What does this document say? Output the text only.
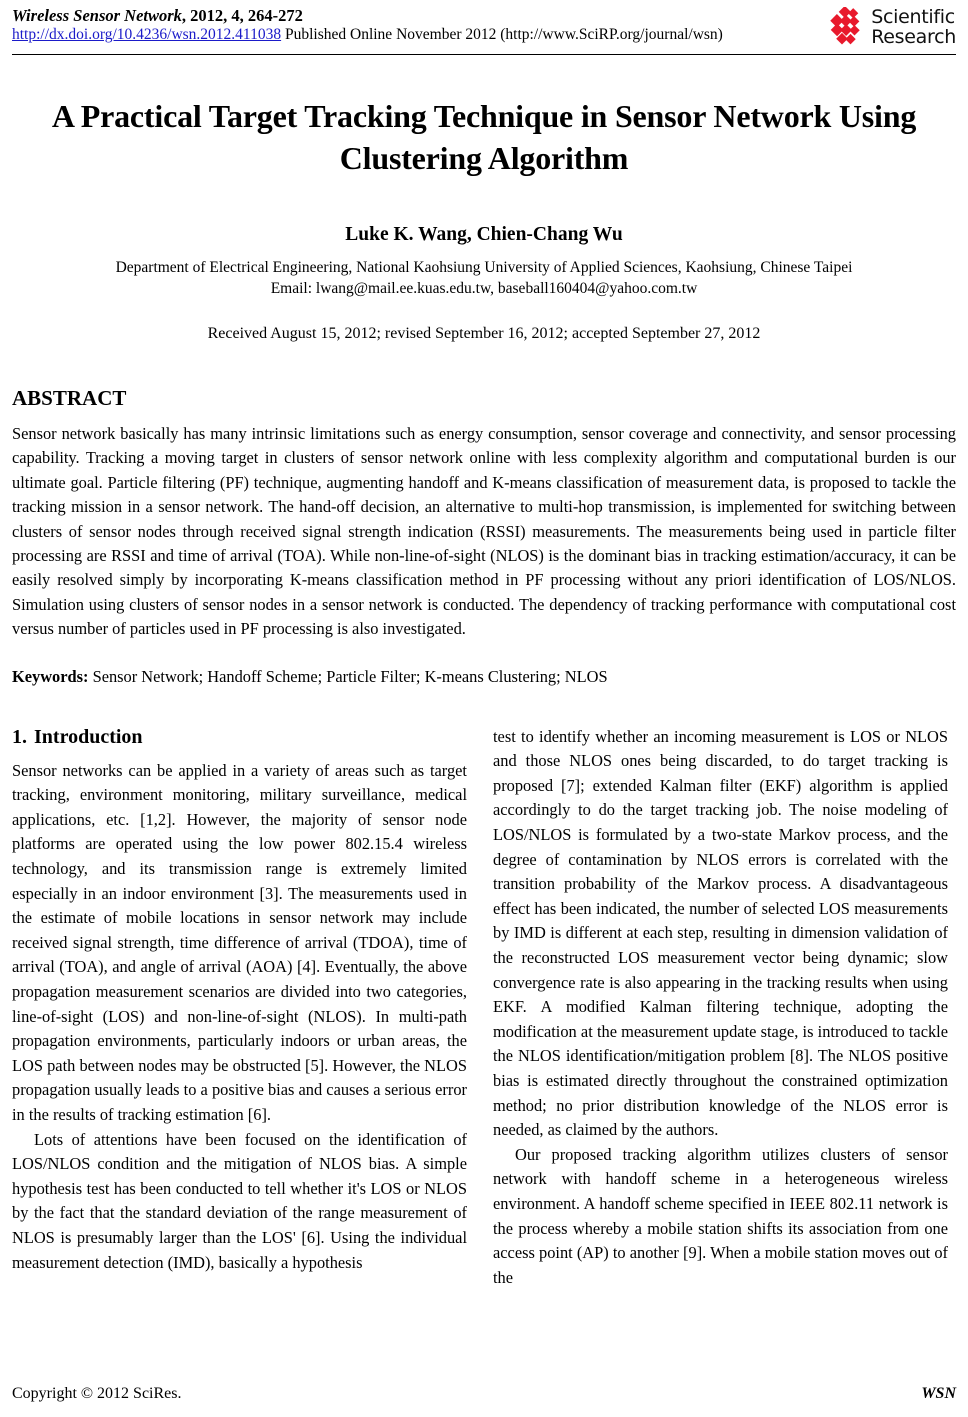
Wireless Sensor Network, 2012, 4, 264-272
http://dx.doi.org/10.4236/wsn.2012.411038 Published Online November 2012 (http://www.SciRP.org/journal/wsn)
Scientific
Research
A Practical Target Tracking Technique in Sensor Network Using Clustering Algorithm
Luke K. Wang, Chien-Chang Wu
Department of Electrical Engineering, National Kaohsiung University of Applied Sciences, Kaohsiung, Chinese Taipei
Email: lwang@mail.ee.kuas.edu.tw, baseball160404@yahoo.com.tw
Received August 15, 2012; revised September 16, 2012; accepted September 27, 2012
ABSTRACT
Sensor network basically has many intrinsic limitations such as energy consumption, sensor coverage and connectivity, and sensor processing capability. Tracking a moving target in clusters of sensor network online with less complexity algorithm and computational burden is our ultimate goal. Particle filtering (PF) technique, augmenting handoff and K-means classification of measurement data, is proposed to tackle the tracking mission in a sensor network. The hand-off decision, an alternative to multi-hop transmission, is implemented for switching between clusters of sensor nodes through received signal strength indication (RSSI) measurements. The measurements being used in particle filter processing are RSSI and time of arrival (TOA). While non-line-of-sight (NLOS) is the dominant bias in tracking estimation/accuracy, it can be easily resolved simply by incorporating K-means classification method in PF processing without any priori identification of LOS/NLOS. Simulation using clusters of sensor nodes in a sensor network is conducted. The dependency of tracking performance with computational cost versus number of particles used in PF processing is also investigated.
Keywords: Sensor Network; Handoff Scheme; Particle Filter; K-means Clustering; NLOS
1. Introduction

Sensor networks can be applied in a variety of areas such as target tracking, environment monitoring, military surveillance, medical applications, etc. [1,2]. However, the majority of sensor node platforms are operated using the low power 802.15.4 wireless technology, and its transmission range is extremely limited especially in an indoor environment [3]. The measurements used in the estimate of mobile locations in sensor network may include received signal strength, time difference of arrival (TDOA), time of arrival (TOA), and angle of arrival (AOA) [4]. Eventually, the above propagation measurement scenarios are divided into two categories, line-of-sight (LOS) and non-line-of-sight (NLOS). In multi-path propagation environments, particularly indoors or urban areas, the LOS path between nodes may be obstructed [5]. However, the NLOS propagation usually leads to a positive bias and causes a serious error in the results of tracking estimation [6].

Lots of attentions have been focused on the identification of LOS/NLOS condition and the mitigation of NLOS bias. A simple hypothesis test has been conducted to tell whether it's LOS or NLOS by the fact that the standard deviation of the range measurement of NLOS is presumably larger than the LOS' [6]. Using the individual measurement detection (IMD), basically a hypothesis

test to identify whether an incoming measurement is LOS or NLOS and those NLOS ones being discarded, to do target tracking is proposed [7]; extended Kalman filter (EKF) algorithm is applied accordingly to do the target tracking job. The noise modeling of LOS/NLOS is formulated by a two-state Markov process, and the degree of contamination by NLOS errors is correlated with the transition probability of the Markov process. A disadvantageous effect has been indicated, the number of selected LOS measurements by IMD is different at each step, resulting in dimension validation of the reconstructed LOS measurement vector being dynamic; slow convergence rate is also appearing in the tracking results when using EKF. A modified Kalman filtering technique, adopting the modification at the measurement update stage, is introduced to tackle the NLOS identification/mitigation problem [8]. The NLOS positive bias is estimated directly throughout the constrained optimization method; no prior distribution knowledge of the NLOS error is needed, as claimed by the authors.

Our proposed tracking algorithm utilizes clusters of sensor network with handoff scheme in a heterogeneous wireless environment. A handoff scheme specified in IEEE 802.11 network is the process whereby a mobile station shifts its association from one access point (AP) to another [9]. When a mobile station moves out of the

Copyright © 2012 SciRes.	WSN
